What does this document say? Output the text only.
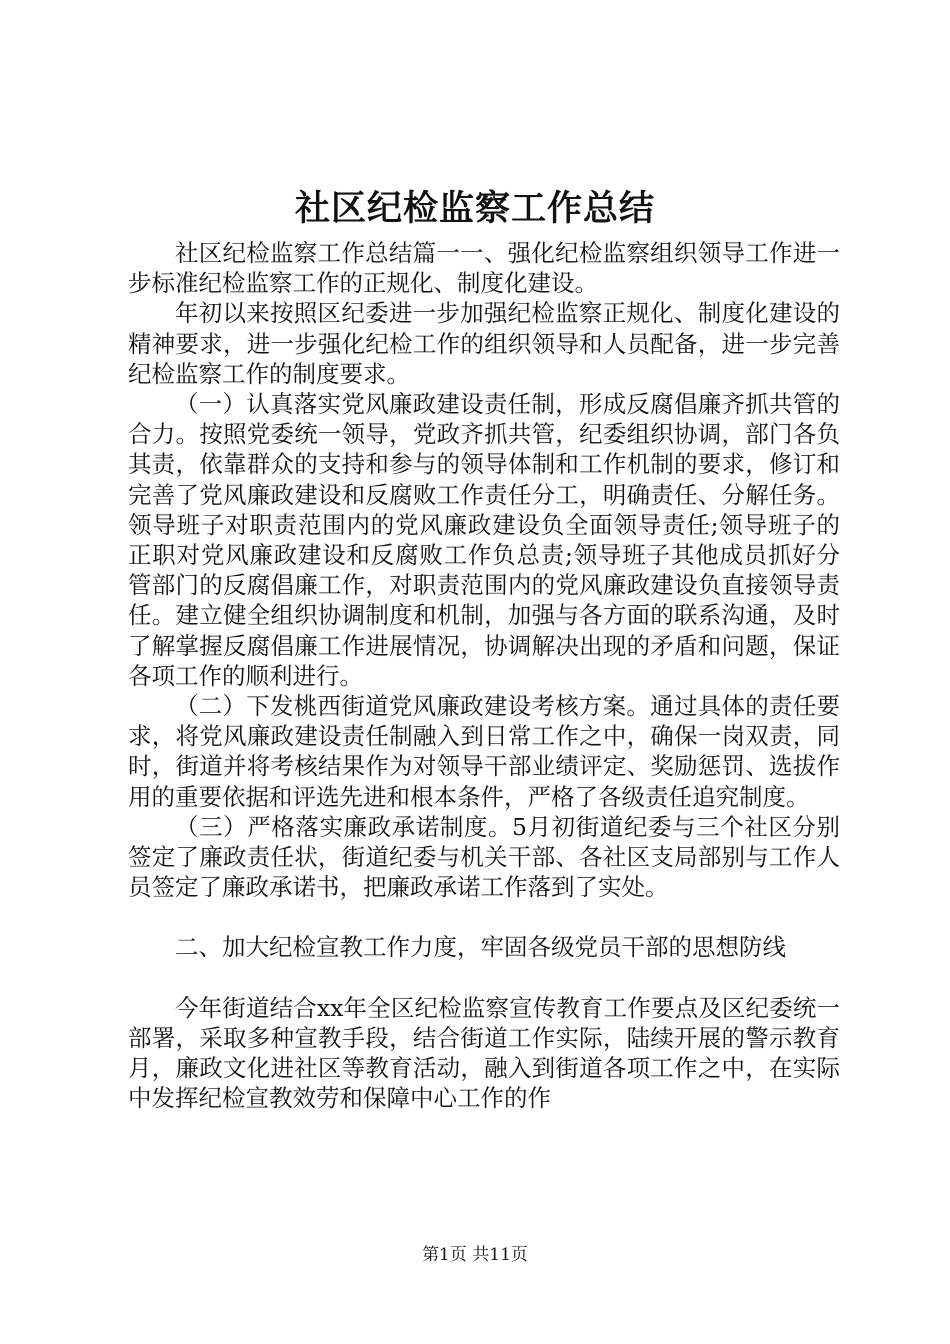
社区纪检监察工作总结

社区纪检监察工作总结篇一一、强化纪检监察组织领导工作进一步标准纪检监察工作的正规化、制度化建设。

年初以来按照区纪委进一步加强纪检监察正规化、制度化建设的精神要求，进一步强化纪检工作的组织领导和人员配备，进一步完善纪检监察工作的制度要求。

（一）认真落实党风廉政建设责任制，形成反腐倡廉齐抓共管的合力。按照党委统一领导，党政齐抓共管，纪委组织协调，部门各负其责，依靠群众的支持和参与的领导体制和工作机制的要求，修订和完善了党风廉政建设和反腐败工作责任分工，明确责任、分解任务。领导班子对职责范围内的党风廉政建设负全面领导责任;领导班子的正职对党风廉政建设和反腐败工作负总责;领导班子其他成员抓好分管部门的反腐倡廉工作，对职责范围内的党风廉政建设负直接领导责任。建立健全组织协调制度和机制，加强与各方面的联系沟通，及时了解掌握反腐倡廉工作进展情况，协调解决出现的矛盾和问题，保证各项工作的顺利进行。

（二）下发桃西街道党风廉政建设考核方案。通过具体的责任要求，将党风廉政建设责任制融入到日常工作之中，确保一岗双责，同时，街道并将考核结果作为对领导干部业绩评定、奖励惩罚、选拔作用的重要依据和评选先进和根本条件，严格了各级责任追究制度。

（三）严格落实廉政承诺制度。5月初街道纪委与三个社区分别签定了廉政责任状，街道纪委与机关干部、各社区支局部别与工作人员签定了廉政承诺书，把廉政承诺工作落到了实处。

二、加大纪检宣教工作力度，牢固各级党员干部的思想防线

今年街道结合xx年全区纪检监察宣传教育工作要点及区纪委统一部署，采取多种宣教手段，结合街道工作实际，陆续开展的警示教育月，廉政文化进社区等教育活动，融入到街道各项工作之中，在实际中发挥纪检宣教效劳和保障中心工作的作

第1页 共11页
